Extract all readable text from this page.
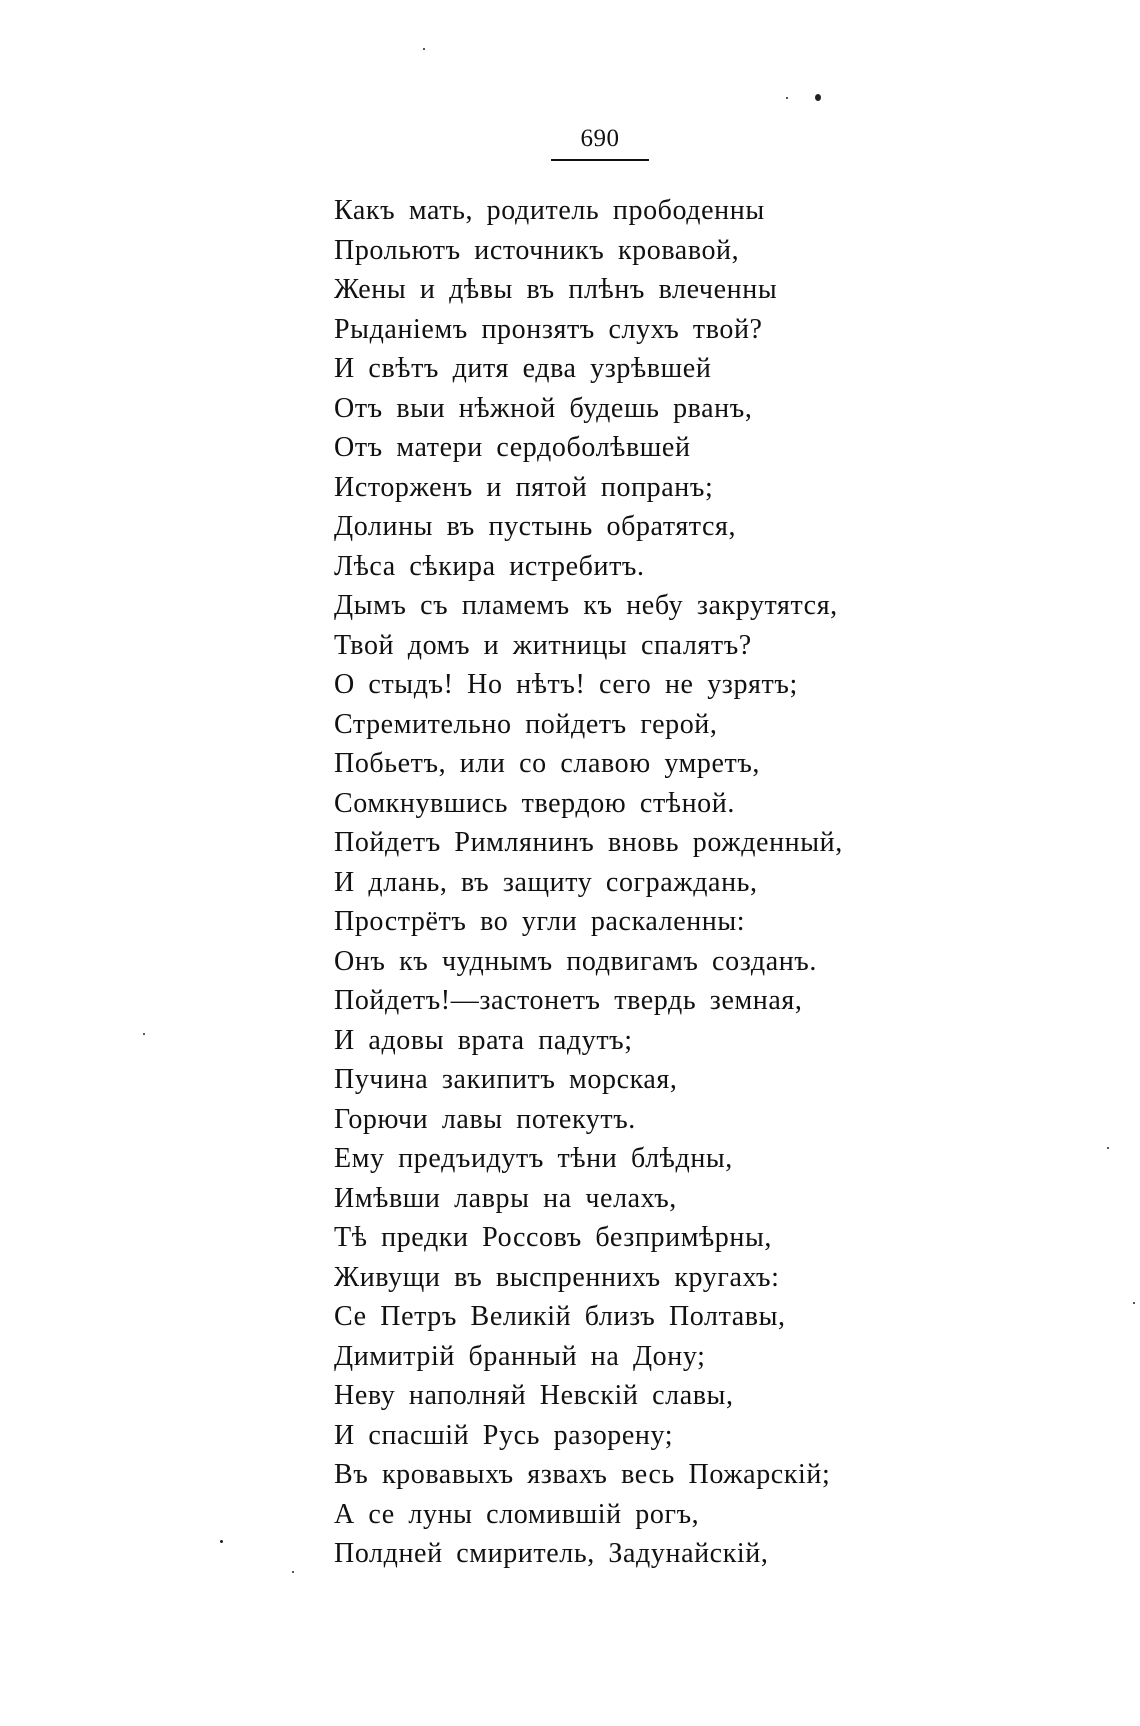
690
Какъ мать, родитель прободенны
Прольютъ источникъ кровавой,
Жены и дѣвы въ плѣнъ влеченны
Рыданіемъ пронзятъ слухъ твой?
И свѣтъ дитя едва узрѣвшей
Отъ выи нѣжной будешь рванъ,
Отъ матери сердоболѣвшей
Исторженъ и пятой попранъ;
Долины въ пустынь обратятся,
Лѣса сѣкира истребитъ.
Дымъ съ пламемъ къ небу закрутятся,
Твой домъ и житницы спалятъ?
О стыдъ! Но нѣтъ! сего не узрятъ;
Стремительно пойдетъ герой,
Побьетъ, или со славою умретъ,
Сомкнувшись твердою стѣной.
Пойдетъ Римлянинъ вновь рожденный,
И длань, въ защиту сограждань,
Прострётъ во угли раскаленны:
Онъ къ чуднымъ подвигамъ созданъ.
Пойдетъ!—застонетъ твердь земная,
И адовы врата падутъ;
Пучина закипитъ морская,
Горючи лавы потекутъ.
Ему предъидутъ тѣни блѣдны,
Имѣвши лавры на челахъ,
Тѣ предки Россовъ безпримѣрны,
Живущи въ выспреннихъ кругахъ:
Се Петръ Великій близъ Полтавы,
Димитрій бранный на Дону;
Неву наполняй Невскій славы,
И спасшій Русь разорену;
Въ кровавыхъ язвахъ весь Пожарскій;
А се луны сломившій рогъ,
Полдней смиритель, Задунайскій,
